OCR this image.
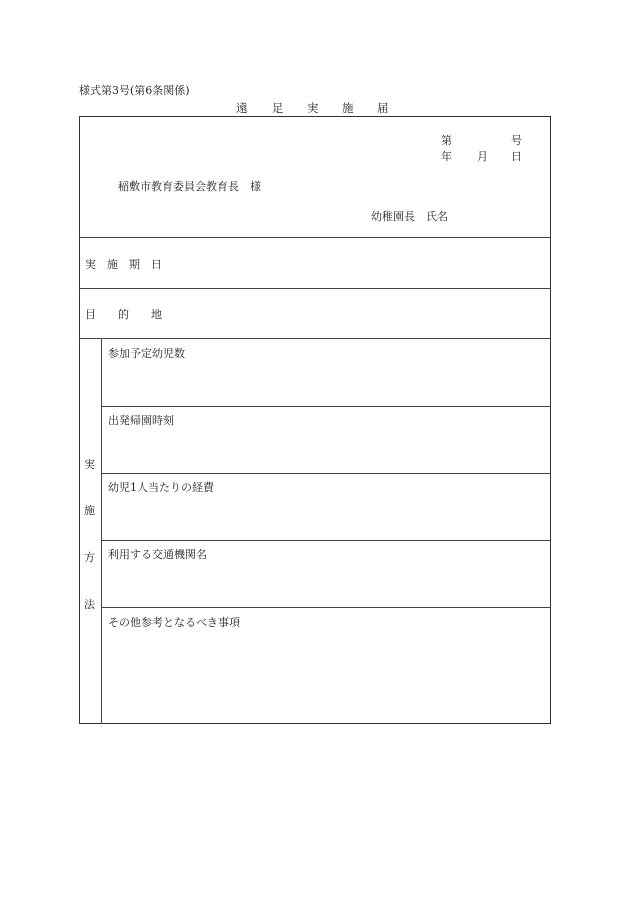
様式第3号(第6条関係)
遠 足 実 施 届
第	号
年 月 日
稲敷市教育委員会教育長　様
幼稚園長　氏名
実　施　期　日
目　　的　　地
実
施
方
法
参加予定幼児数
出発帰園時刻
幼児1人当たりの経費
利用する交通機関名
その他参考となるべき事項
